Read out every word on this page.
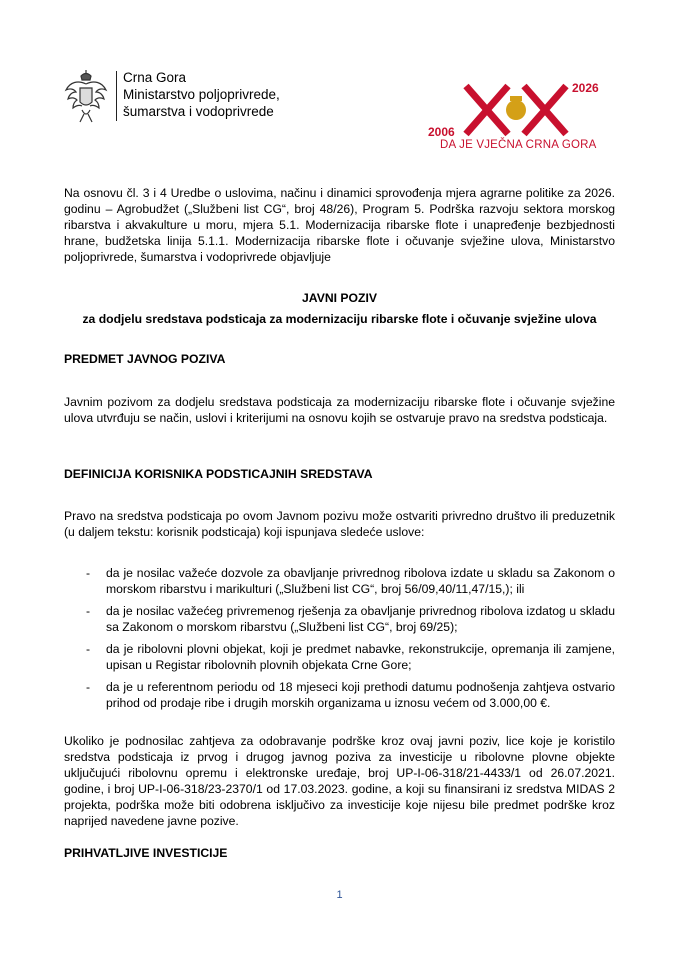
Crna Gora
Ministarstvo poljoprivrede,
šumarstva i vodoprivrede
2006
2026
DA JE VJEČNA CRNA GORA
Na osnovu čl. 3 i 4 Uredbe o uslovima, načinu i dinamici sprovođenja mjera agrarne politike za 2026. godinu – Agrobudžet („Službeni list CG“, broj 48/26), Program 5. Podrška razvoju sektora morskog ribarstva i akvakulture u moru, mjera 5.1. Modernizacija ribarske flote i unapređenje bezbjednosti hrane, budžetska linija 5.1.1. Modernizacija ribarske flote i očuvanje svježine ulova, Ministarstvo poljoprivrede, šumarstva i vodoprivrede objavljuje
JAVNI POZIV
za dodjelu sredstava podsticaja za modernizaciju ribarske flote i očuvanje svježine ulova
PREDMET JAVNOG POZIVA
Javnim pozivom za dodjelu sredstava podsticaja za modernizaciju ribarske flote i očuvanje svježine ulova utvrđuju se način, uslovi i kriterijumi na osnovu kojih se ostvaruje pravo na sredstva podsticaja.
DEFINICIJA KORISNIKA PODSTICAJNIH SREDSTAVA
Pravo na sredstva podsticaja po ovom Javnom pozivu može ostvariti privredno društvo ili preduzetnik (u daljem tekstu: korisnik podsticaja) koji ispunjava sledeće uslove:
- da je nosilac važeće dozvole za obavljanje privrednog ribolova izdate u skladu sa Zakonom o morskom ribarstvu i marikulturi („Službeni list CG“, broj 56/09,40/11,47/15,); ili
- da je nosilac važećeg privremenog rješenja za obavljanje privrednog ribolova izdatog u skladu sa Zakonom o morskom ribarstvu („Službeni list CG“, broj 69/25);
- da je ribolovni plovni objekat, koji je predmet nabavke, rekonstrukcije, opremanja ili zamjene, upisan u Registar ribolovnih plovnih objekata Crne Gore;
- da je u referentnom periodu od 18 mjeseci koji prethodi datumu podnošenja zahtjeva ostvario prihod od prodaje ribe i drugih morskih organizama u iznosu većem od 3.000,00 €.
Ukoliko je podnosilac zahtjeva za odobravanje podrške kroz ovaj javni poziv, lice koje je koristilo sredstva podsticaja iz prvog i drugog javnog poziva za investicije u ribolovne plovne objekte uključujući ribolovnu opremu i elektronske uređaje, broj UP-I-06-318/21-4433/1 od 26.07.2021. godine, i broj UP-I-06-318/23-2370/1 od 17.03.2023. godine, a koji su finansirani iz sredstva MIDAS 2 projekta, podrška može biti odobrena isključivo za investicije koje nijesu bile predmet podrške kroz naprijed navedene javne pozive.
PRIHVATLJIVE INVESTICIJE
1
